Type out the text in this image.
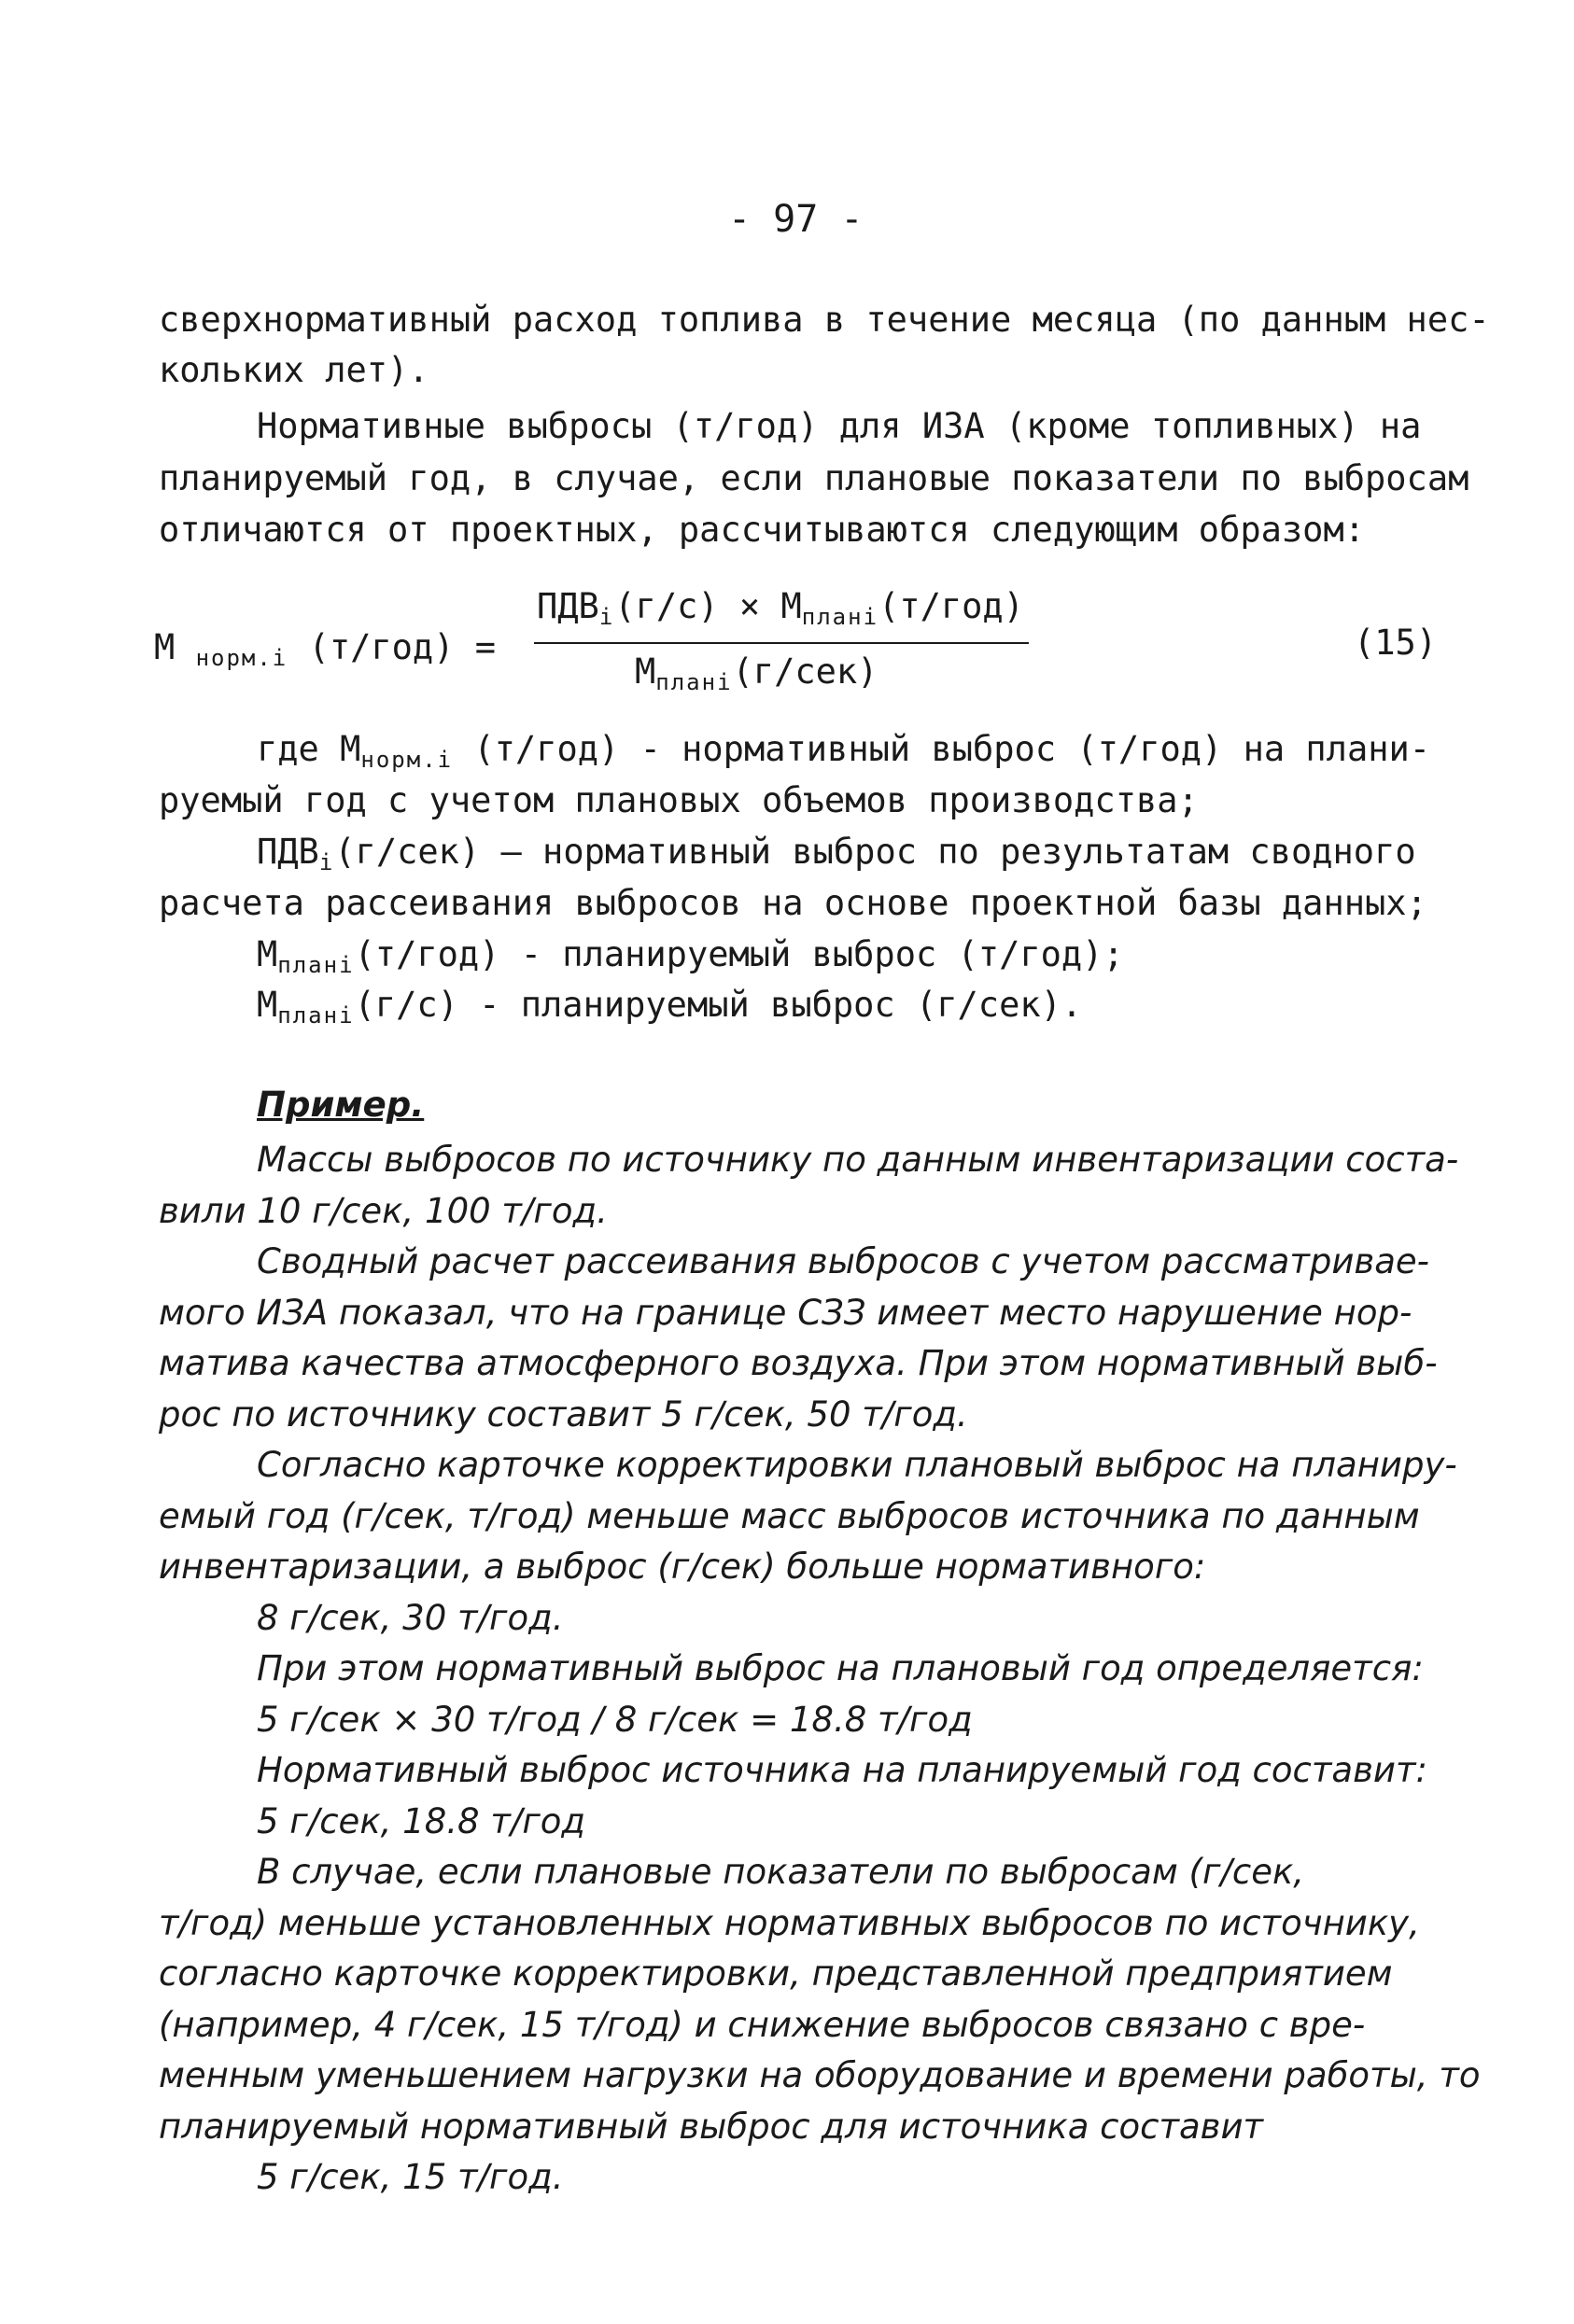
- 97 -
сверхнормативный расход топлива в течение месяца (по данным нес-
кольких лет).
Нормативные выбросы (т/год) для ИЗА (кроме топливных) на
планируемый год, в случае, если плановые показатели по выбросам
отличаются от проектных, рассчитываются следующим образом:
М $_{норм.i}$ (т/год) =
$ПДВ_i(г/с) \times М_{планi}(т/год)$
$М_{планi}(г/сек)$
(15)
где $М_{норм.i}$ (т/год) - нормативный выброс (т/год) на плани-
руемый год с учетом плановых объемов производства;
$ПДВ_i(г/сек)$ – нормативный выброс по результатам сводного
расчета рассеивания выбросов на основе проектной базы данных;
$М_{планi}(т/год)$ - планируемый выброс (т/год);
$М_{планi}(г/с)$ - планируемый выброс (г/сек).
Пример.
Массы выбросов по источнику по данным инвентаризации соста-
вили 10 г/сек, 100 т/год.
Сводный расчет рассеивания выбросов с учетом рассматривае-
мого ИЗА показал, что на границе СЗЗ имеет место нарушение нор-
матива качества атмосферного воздуха. При этом нормативный выб-
рос по источнику составит 5 г/сек, 50 т/год.
Согласно карточке корректировки плановый выброс на планиру-
емый год (г/сек, т/год) меньше масс выбросов источника по данным
инвентаризации, а выброс (г/сек) больше нормативного:
8 г/сек, 30 т/год.
При этом нормативный выброс на плановый год определяется:
5 г/сек × 30 т/год / 8 г/сек = 18.8 т/год
Нормативный выброс источника на планируемый год составит:
5 г/сек, 18.8 т/год
В случае, если плановые показатели по выбросам (г/сек,
т/год) меньше установленных нормативных выбросов по источнику,
согласно карточке корректировки, представленной предприятием
(например, 4 г/сек, 15 т/год) и снижение выбросов связано с вре-
менным уменьшением нагрузки на оборудование и времени работы, то
планируемый нормативный выброс для источника составит
5 г/сек, 15 т/год.
